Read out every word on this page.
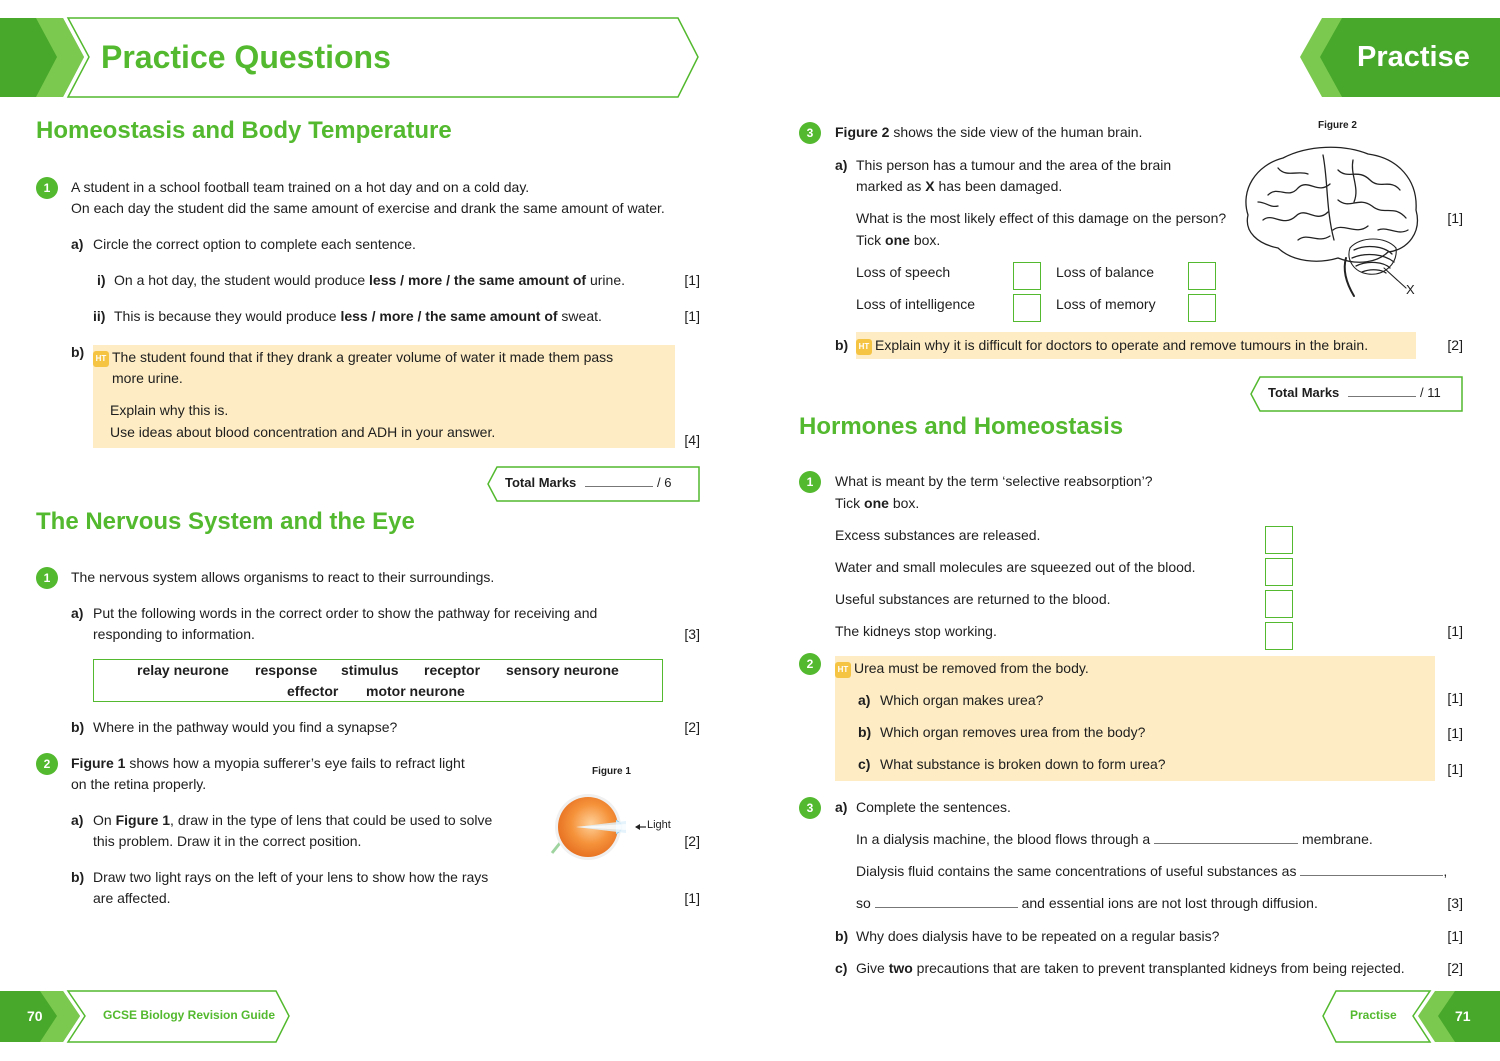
Practice Questions	Practise
Homeostasis and Body Temperature
1	A student in a school football team trained on a hot day and on a cold day.
On each day the student did the same amount of exercise and drank the same amount of water.
a) Circle the correct option to complete each sentence.
i) On a hot day, the student would produce less / more / the same amount of urine.	[1]
ii) This is because they would produce less / more / the same amount of sweat.	[1]
b)	HT The student found that if they drank a greater volume of water it made them pass
more urine.
Explain why this is.
Use ideas about blood concentration and ADH in your answer.	[4]
Total Marks	/ 6
The Nervous System and the Eye
1	The nervous system allows organisms to react to their surroundings.
a) Put the following words in the correct order to show the pathway for receiving and
responding to information.	[3]
relay neurone response stimulus receptor sensory neurone
effector motor neurone
b) Where in the pathway would you find a synapse?	[2]
2	Figure 1 shows how a myopia sufferer’s eye fails to refract light
on the retina properly.
Figure 1
Light
a) On Figure 1, draw in the type of lens that could be used to solve
this problem. Draw it in the correct position.	[2]
b) Draw two light rays on the left of your lens to show how the rays
are affected.	[1]
3	Figure 2 shows the side view of the human brain.	Figure 2
X
a) This person has a tumour and the area of the brain
marked as X has been damaged.
What is the most likely effect of this damage on the person?	[1]
Tick one box.
Loss of speech	Loss of balance
Loss of intelligence	Loss of memory
b)	HT Explain why it is difficult for doctors to operate and remove tumours in the brain.	[2]
Total Marks	/ 11
Hormones and Homeostasis
1	What is meant by the term ‘selective reabsorption’?
Tick one box.
Excess substances are released.
Water and small molecules are squeezed out of the blood.
Useful substances are returned to the blood.
The kidneys stop working.	[1]
2	HT Urea must be removed from the body.
a) Which organ makes urea?	[1]
b) Which organ removes urea from the body?	[1]
c) What substance is broken down to form urea?	[1]
3	a) Complete the sentences.
In a dialysis machine, the blood flows through a	membrane.
Dialysis fluid contains the same concentrations of useful substances as	,
so	and essential ions are not lost through diffusion.	[3]
b) Why does dialysis have to be repeated on a regular basis?	[1]
c) Give two precautions that are taken to prevent transplanted kidneys from being rejected.	[2]
70	GCSE Biology Revision Guide	Practise	71
